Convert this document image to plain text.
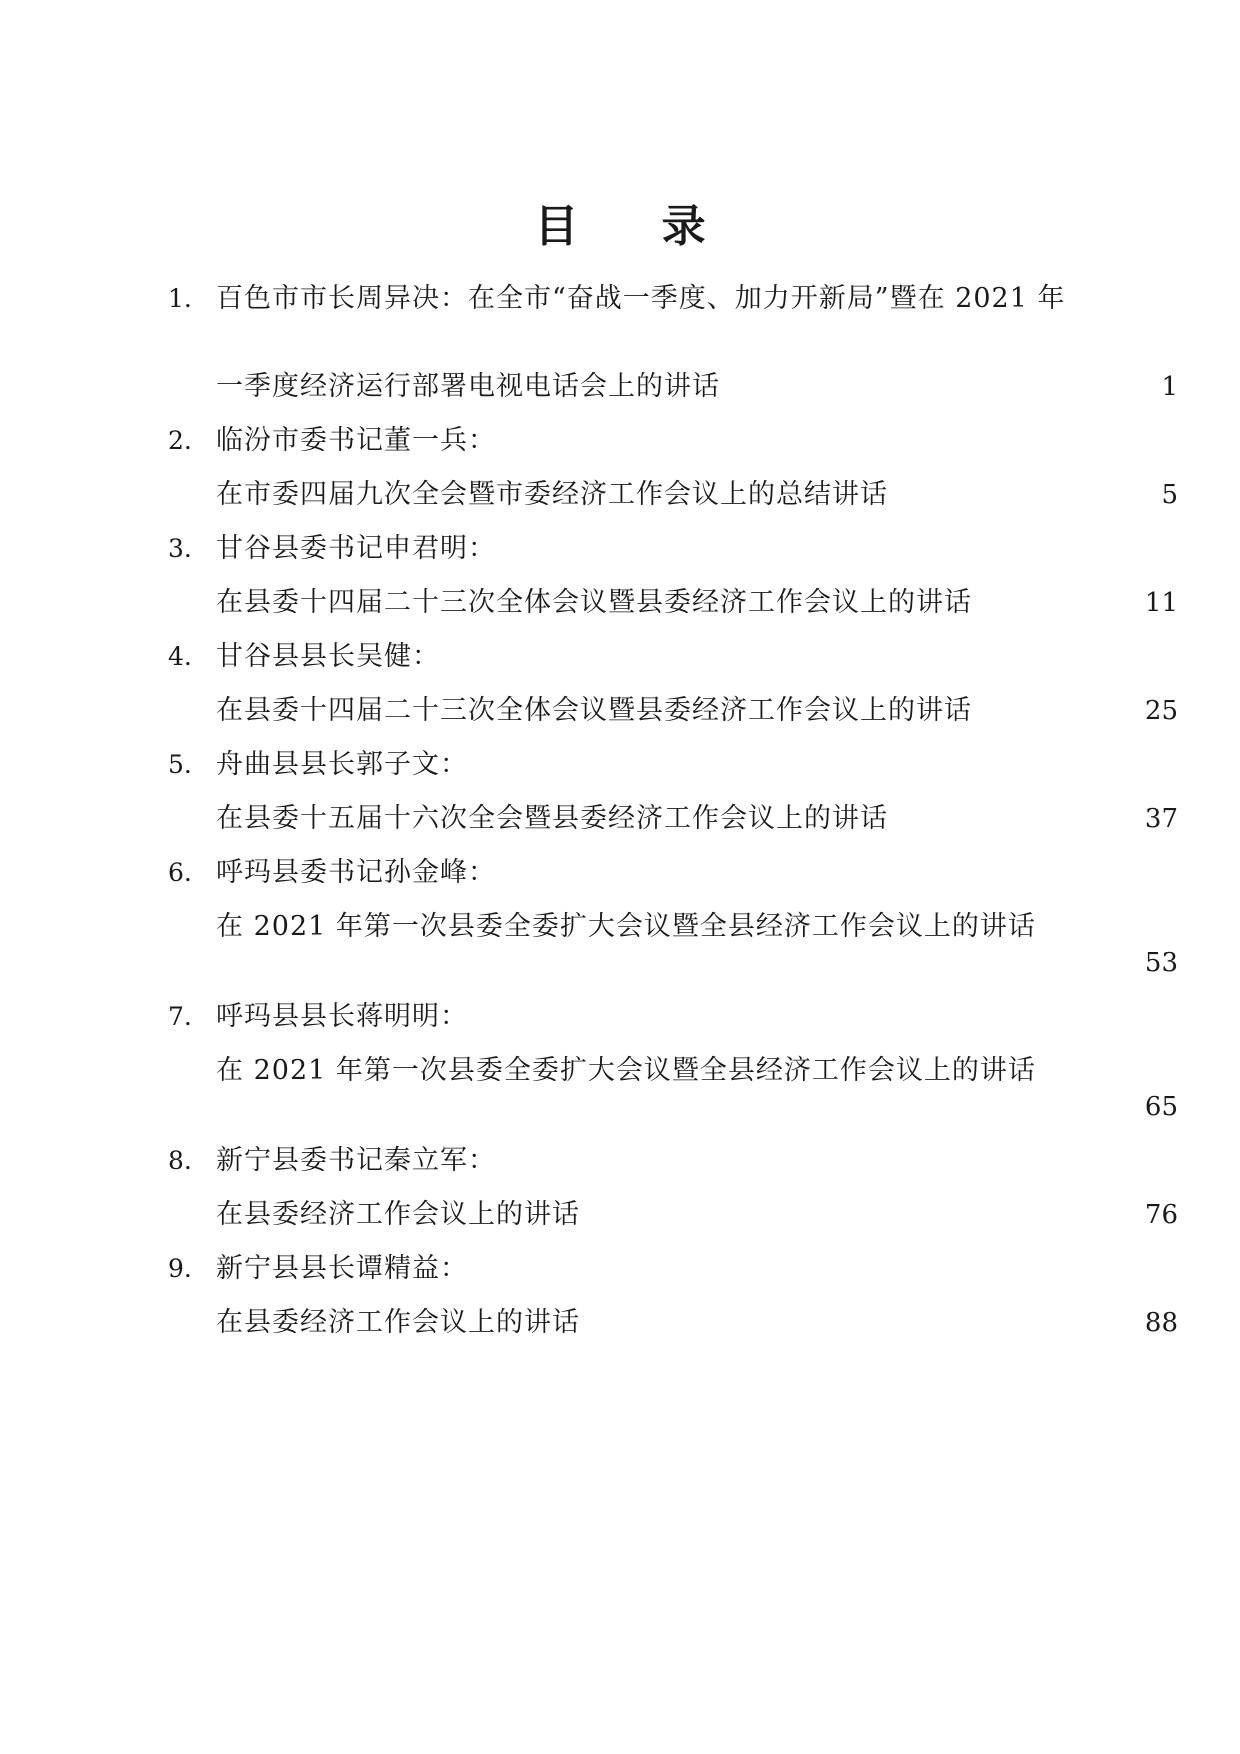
目 录
1. 百色市市长周异决：在全市“奋战一季度、加力开新局”暨在 2021 年
一季度经济运行部署电视电话会上的讲话	1
2. 临汾市委书记董一兵：
在市委四届九次全会暨市委经济工作会议上的总结讲话	5
3. 甘谷县委书记申君明：
在县委十四届二十三次全体会议暨县委经济工作会议上的讲话	11
4. 甘谷县县长吴健：
在县委十四届二十三次全体会议暨县委经济工作会议上的讲话	25
5. 舟曲县县长郭子文：
在县委十五届十六次全会暨县委经济工作会议上的讲话	37
6. 呼玛县委书记孙金峰：
在 2021 年第一次县委全委扩大会议暨全县经济工作会议上的讲话
53
7. 呼玛县县长蒋明明：
在 2021 年第一次县委全委扩大会议暨全县经济工作会议上的讲话
65
8. 新宁县委书记秦立军：
在县委经济工作会议上的讲话	76
9. 新宁县县长谭精益：
在县委经济工作会议上的讲话	88
